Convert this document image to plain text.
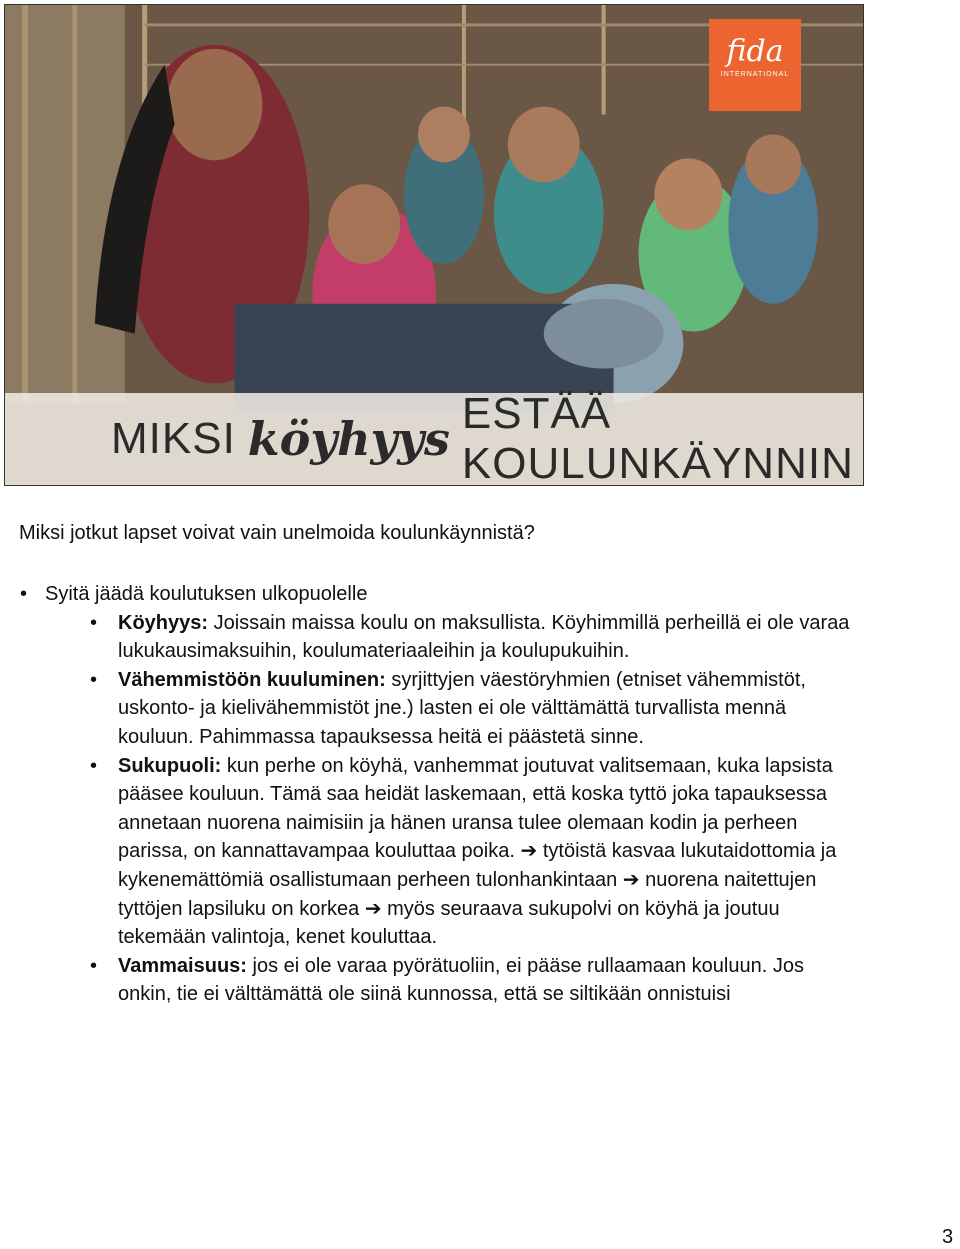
fida
INTERNATIONAL
MIKSI köyhyys ESTÄÄ KOULUNKÄYNNIN
Miksi jotkut lapset voivat vain unelmoida koulunkäynnistä?
• Syitä jäädä koulutuksen ulkopuolelle
• Köyhyys: Joissain maissa koulu on maksullista. Köyhimmillä perheillä ei ole varaa lukukausimaksuihin, koulumateriaaleihin ja koulupukuihin.
• Vähemmistöön kuuluminen: syrjittyjen väestöryhmien (etniset vähemmistöt, uskonto- ja kielivähemmistöt jne.) lasten ei ole välttämättä turvallista mennä kouluun. Pahimmassa tapauksessa heitä ei päästetä sinne.
• Sukupuoli: kun perhe on köyhä, vanhemmat joutuvat valitsemaan, kuka lapsista pääsee kouluun. Tämä saa heidät laskemaan, että koska tyttö joka tapauksessa annetaan nuorena naimisiin ja hänen uransa tulee olemaan kodin ja perheen parissa, on kannattavampaa kouluttaa poika. ➔ tytöistä kasvaa lukutaidottomia ja kykenemättömiä osallistumaan perheen tulonhankintaan ➔ nuorena naitettujen tyttöjen lapsiluku on korkea ➔ myös seuraava sukupolvi on köyhä ja joutuu tekemään valintoja, kenet kouluttaa.
• Vammaisuus: jos ei ole varaa pyörätuoliin, ei pääse rullaamaan kouluun. Jos onkin, tie ei välttämättä ole siinä kunnossa, että se siltikään onnistuisi
3
